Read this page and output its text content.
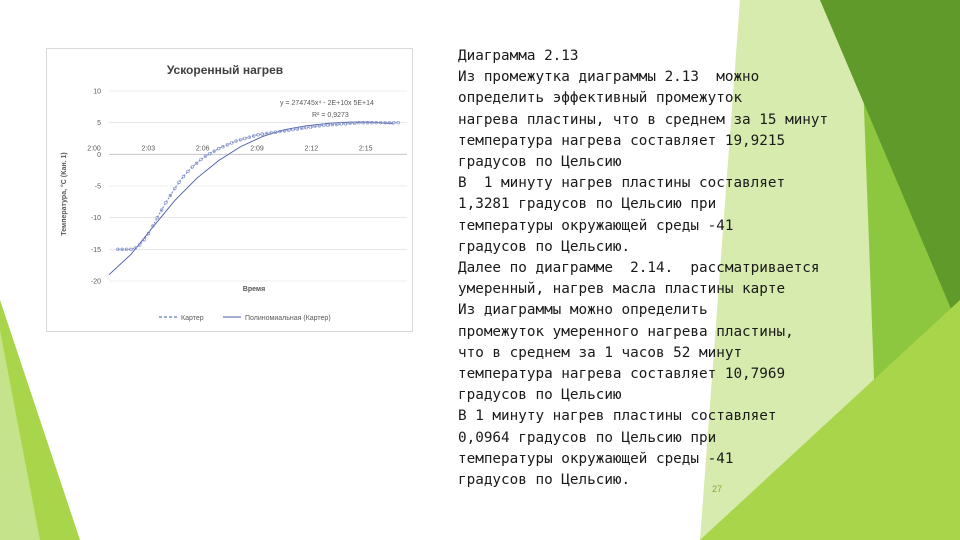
10
5
0
-5
-10
-15
-20
2:00	2:03	2:06	2:09	2:12	2:15
Ускоренный нагрев
y = 274745x⁴ - 2E+10x 5E+14
R² = 0,9273
Время
Температура, °С (Кан. 1)
Картер	Полиномиальная (Картер)
Диаграмма 2.13
Из промежутка диаграммы 2.13  можно
определить эффективный промежуток
нагрева пластины, что в среднем за 15 минут
температура нагрева составляет 19,9215
градусов по Цельсию
В  1 минуту нагрев пластины составляет
1,3281 градусов по Цельсию при
температуры окружающей среды -41
градусов по Цельсию.
Далее по диаграмме  2.14.  рассматривается
умеренный, нагрев масла пластины карте
Из диаграммы можно определить
промежуток умеренного нагрева пластины,
что в среднем за 1 часов 52 минут
температура нагрева составляет 10,7969
градусов по Цельсию
В 1 минуту нагрев пластины составляет
0,0964 градусов по Цельсию при
температуры окружающей среды -41
градусов по Цельсию.
27
